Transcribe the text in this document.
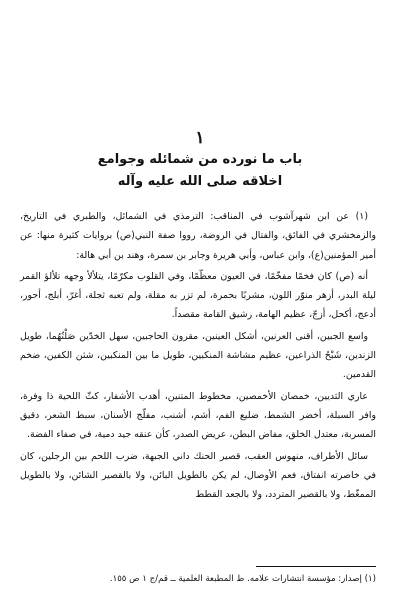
١
باب ما نورده من شمائله وجوامع
اخلاقه صلى الله عليه وآله

(١) عن ابن شهرآشوب في المناقب: الترمذي في الشمائل، والطبري في التاريخ، والزمخشري في الفائق، والفتال في الروضة، رووا صفة النبي(ص) بروايات كثيرة منها: عن أمير المؤمنين(ع)، وابن عباس، وأبي هريرة وجابر بن سمرة، وهند بن أبي هالة:

أنه (ص) كان فخمًا مفخّمًا، في العيون معظّمًا، وفي القلوب مكرّمًا، يتلألأ وجهه تلألؤ القمر ليلة البدر، أزهر منوّر اللون، مشربًا بحمرة، لم تزر به مقلة، ولم تعبه ثجلة، أغرّ، أبلج، أحور، أدعج، أكحل، أزجّ، عظيم الهامة، رشيق القامة مقصداً.

واسع الجبين، أقنى العرنين، أشكل العينين، مقرون الحاجبين، سهل الخدّين صَلْتُهُما، طويل الزندين، شَبْحُ الذراعين، عظيم مشاشة المنكبين، طويل ما بين المنكبين، شثن الكفين، ضخم القدمين.

عاري الثديين، خمصان الأخمصين، مخطوط المتنين، أهدب الأشفار، كثّ اللحية ذا وفرة، وافر السبلة، أخضر الشمط، ضليع الفم، أشم، أشنب، مفلّج الأسنان، سبط الشعر، دقيق المسربة، معتدل الخلق، مفاض البطن، عريض الصدر، كأن عنقه جيد دمية، في صفاء الفضة.

سائل الأطراف، منهوس العقب، قصير الحنك داني الجبهة، ضرب اللحم بين الرجلين، كان في خاصرته انفتاق، فعم الأوصال، لم يكن بالطويل البائن، ولا بالقصير الشائن، ولا بالطويل الممغّط، ولا بالقصير المتردد، ولا بالجعد القطط

(١) إصدار: مؤسسة انتشارات علامه. ط المطبعة العلمية ــ قم/ج ١ ص ١٥٥.
